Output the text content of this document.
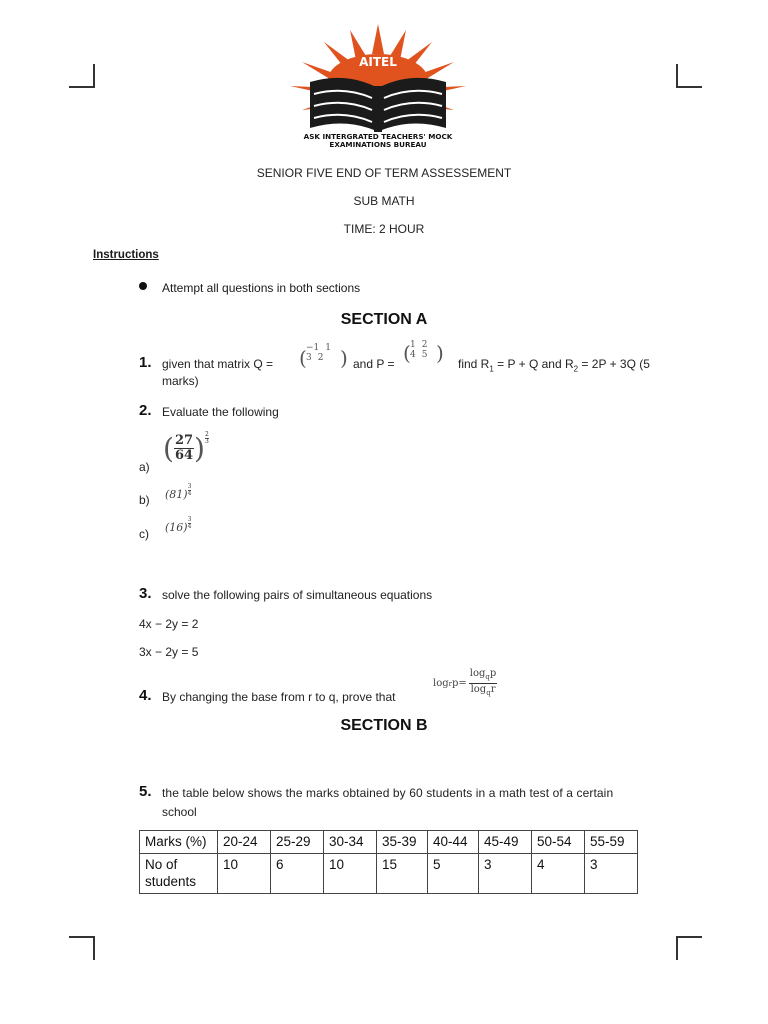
AITEL
ASK INTERGRATED TEACHERS' MOCK
EXAMINATIONS BUREAU
SENIOR FIVE END OF TERM ASSESSEMENT
SUB MATH
TIME: 2 HOUR
Instructions
Attempt all questions in both sections
SECTION A
1. given that matrix Q = ( −1 1
3 2 ) and P = ( 1 2
4 5 ) find $R_1 = P + Q$ and $R_2 = 2P + 3Q$ (5
marks)
2. Evaluate the following
a)
( $\frac{27}{64}$ ) $\frac{2}{3}$
b) $(81) \frac{3}{4}$
c) $(16) \frac{3}{4}$
3. solve the following pairs of simultaneous equations
4x − 2y = 2
3x − 2y = 5
4. By changing the base from r to q, prove that
log r $p= \frac{\log_qp}{\log_qr}$
SECTION B
5. the table below shows the marks obtained by 60 students in a math test of a certain
school
Marks (%)	20-24	25-29	30-34	35-39	40-44	45-49	50-54	55-59
No of students	10	6	10	15	5	3	4	3
